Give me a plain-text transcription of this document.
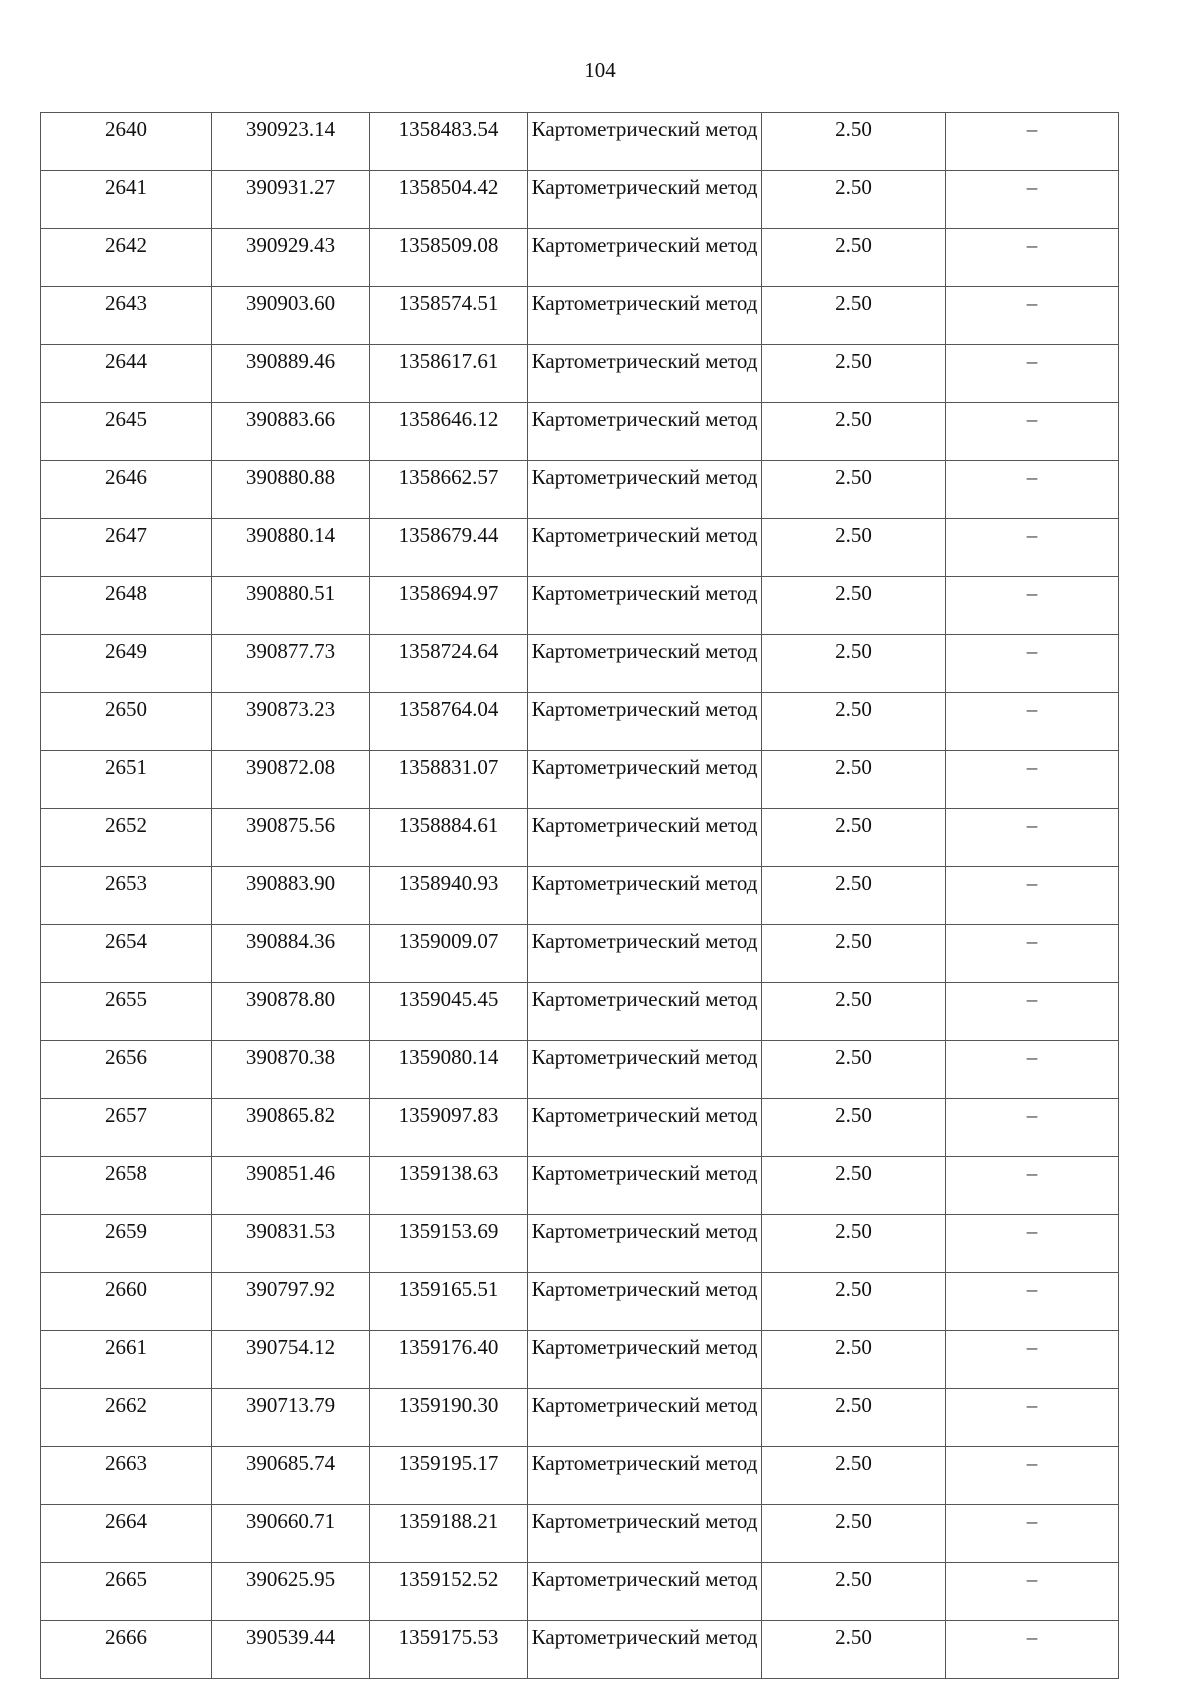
104
2640	390923.14	1358483.54	Картометрический метод	2.50	–
2641	390931.27	1358504.42	Картометрический метод	2.50	–
2642	390929.43	1358509.08	Картометрический метод	2.50	–
2643	390903.60	1358574.51	Картометрический метод	2.50	–
2644	390889.46	1358617.61	Картометрический метод	2.50	–
2645	390883.66	1358646.12	Картометрический метод	2.50	–
2646	390880.88	1358662.57	Картометрический метод	2.50	–
2647	390880.14	1358679.44	Картометрический метод	2.50	–
2648	390880.51	1358694.97	Картометрический метод	2.50	–
2649	390877.73	1358724.64	Картометрический метод	2.50	–
2650	390873.23	1358764.04	Картометрический метод	2.50	–
2651	390872.08	1358831.07	Картометрический метод	2.50	–
2652	390875.56	1358884.61	Картометрический метод	2.50	–
2653	390883.90	1358940.93	Картометрический метод	2.50	–
2654	390884.36	1359009.07	Картометрический метод	2.50	–
2655	390878.80	1359045.45	Картометрический метод	2.50	–
2656	390870.38	1359080.14	Картометрический метод	2.50	–
2657	390865.82	1359097.83	Картометрический метод	2.50	–
2658	390851.46	1359138.63	Картометрический метод	2.50	–
2659	390831.53	1359153.69	Картометрический метод	2.50	–
2660	390797.92	1359165.51	Картометрический метод	2.50	–
2661	390754.12	1359176.40	Картометрический метод	2.50	–
2662	390713.79	1359190.30	Картометрический метод	2.50	–
2663	390685.74	1359195.17	Картометрический метод	2.50	–
2664	390660.71	1359188.21	Картометрический метод	2.50	–
2665	390625.95	1359152.52	Картометрический метод	2.50	–
2666	390539.44	1359175.53	Картометрический метод	2.50	–
